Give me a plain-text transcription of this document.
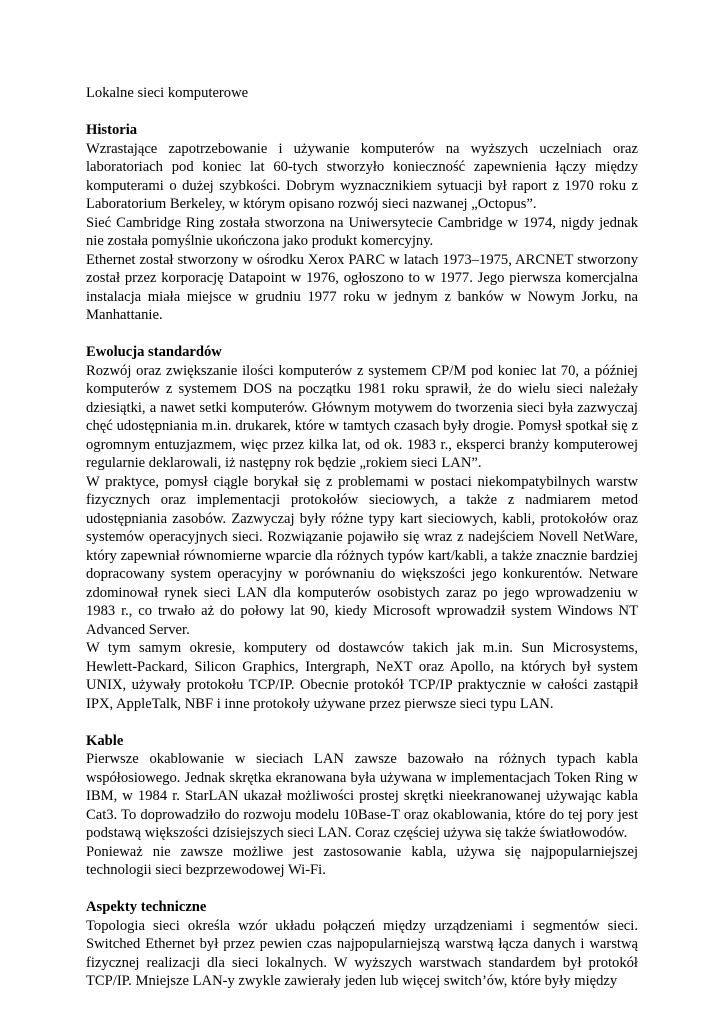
Lokalne sieci komputerowe

Historia

Wzrastające zapotrzebowanie i używanie komputerów na wyższych uczelniach oraz laboratoriach pod koniec lat 60-tych stworzyło konieczność zapewnienia łączy między komputerami o dużej szybkości. Dobrym wyznacznikiem sytuacji był raport z 1970 roku z Laboratorium Berkeley, w którym opisano rozwój sieci nazwanej „Octopus”.

Sieć Cambridge Ring została stworzona na Uniwersytecie Cambridge w 1974, nigdy jednak nie została pomyślnie ukończona jako produkt komercyjny.

Ethernet został stworzony w ośrodku Xerox PARC w latach 1973–1975, ARCNET stworzony został przez korporację Datapoint w 1976, ogłoszono to w 1977. Jego pierwsza komercjalna instalacja miała miejsce w grudniu 1977 roku w jednym z banków w Nowym Jorku, na Manhattanie.

Ewolucja standardów

Rozwój oraz zwiększanie ilości komputerów z systemem CP/M pod koniec lat 70, a później komputerów z systemem DOS na początku 1981 roku sprawił, że do wielu sieci należały dziesiątki, a nawet setki komputerów. Głównym motywem do tworzenia sieci była zazwyczaj chęć udostępniania m.in. drukarek, które w tamtych czasach były drogie. Pomysł spotkał się z ogromnym entuzjazmem, więc przez kilka lat, od ok. 1983 r., eksperci branży komputerowej regularnie deklarowali, iż następny rok będzie „rokiem sieci LAN”.

W praktyce, pomysł ciągle borykał się z problemami w postaci niekompatybilnych warstw fizycznych oraz implementacji protokołów sieciowych, a także z nadmiarem metod udostępniania zasobów. Zazwyczaj były różne typy kart sieciowych, kabli, protokołów oraz systemów operacyjnych sieci. Rozwiązanie pojawiło się wraz z nadejściem Novell NetWare, który zapewniał równomierne wparcie dla różnych typów kart/kabli, a także znacznie bardziej dopracowany system operacyjny w porównaniu do większości jego konkurentów. Netware zdominował rynek sieci LAN dla komputerów osobistych zaraz po jego wprowadzeniu w 1983 r., co trwało aż do połowy lat 90, kiedy Microsoft wprowadził system Windows NT Advanced Server.

W tym samym okresie, komputery od dostawców takich jak m.in. Sun Microsystems, Hewlett-Packard, Silicon Graphics, Intergraph, NeXT oraz Apollo, na których był system UNIX, używały protokołu TCP/IP. Obecnie protokół TCP/IP praktycznie w całości zastąpił IPX, AppleTalk, NBF i inne protokoły używane przez pierwsze sieci typu LAN.

Kable

Pierwsze okablowanie w sieciach LAN zawsze bazowało na różnych typach kabla współosiowego. Jednak skrętka ekranowana była używana w implementacjach Token Ring w IBM, w 1984 r. StarLAN ukazał możliwości prostej skrętki nieekranowanej używając kabla Cat3. To doprowadziło do rozwoju modelu 10Base-T oraz okablowania, które do tej pory jest podstawą większości dzisiejszych sieci LAN. Coraz częściej używa się także światłowodów.

Ponieważ nie zawsze możliwe jest zastosowanie kabla, używa się najpopularniejszej technologii sieci bezprzewodowej Wi-Fi.

Aspekty techniczne

Topologia sieci określa wzór układu połączeń między urządzeniami i segmentów sieci. Switched Ethernet był przez pewien czas najpopularniejszą warstwą łącza danych i warstwą fizycznej realizacji dla sieci lokalnych. W wyższych warstwach standardem był protokół TCP/IP. Mniejsze LAN-y zwykle zawierały jeden lub więcej switch’ów, które były między
